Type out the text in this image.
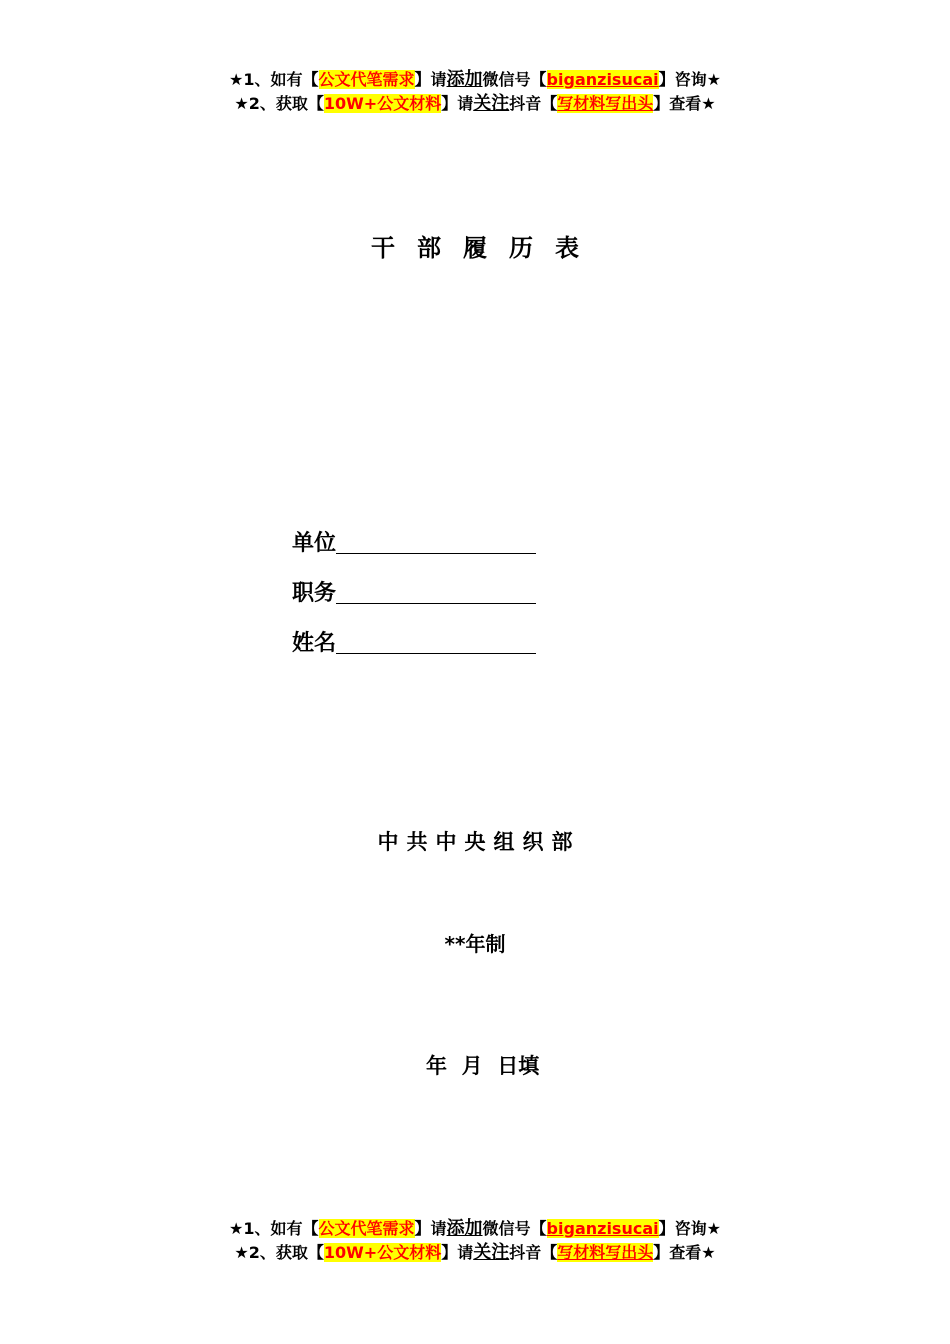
★1、如有【公文代笔需求】请添加微信号【biganzisucai】咨询★
★2、获取【10W+公文材料】请关注抖音【写材料写出头】查看★
干部履历表
单位
职务
姓名
中共中央组织部
**年制
年  月  日填
★1、如有【公文代笔需求】请添加微信号【biganzisucai】咨询★
★2、获取【10W+公文材料】请关注抖音【写材料写出头】查看★
